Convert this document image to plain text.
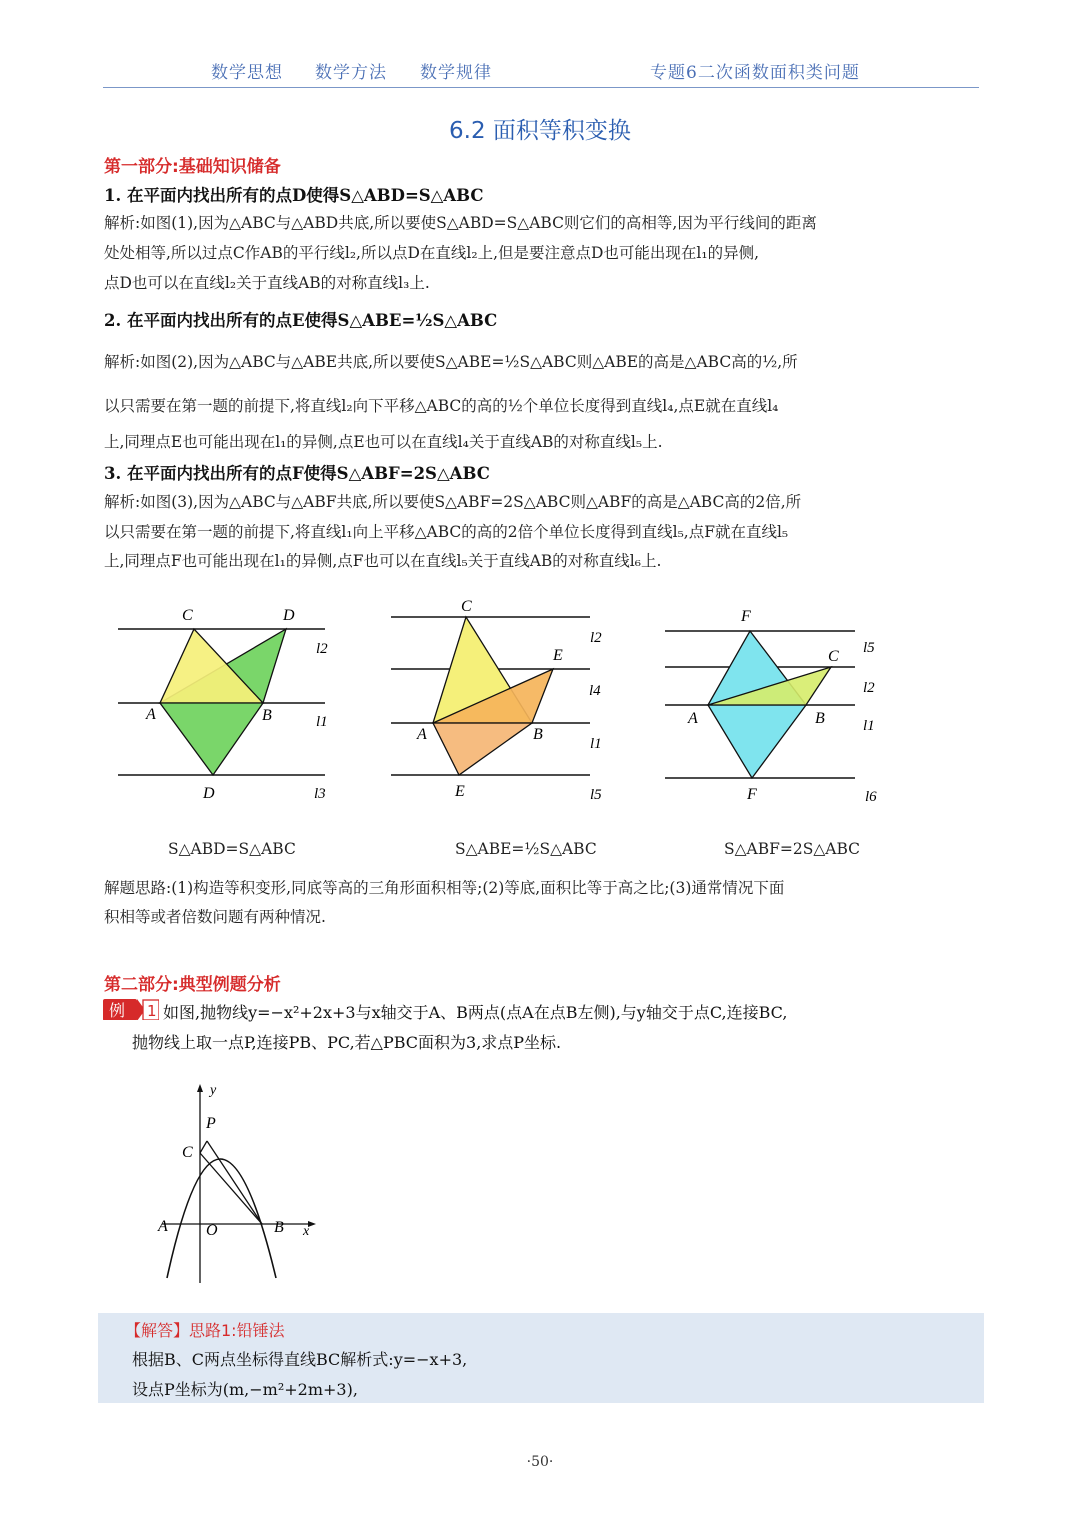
数学思想 数学方法 数学规律	专题6二次函数面积类问题
6.2 面积等积变换
第一部分:基础知识储备
1. 在平面内找出所有的点D使得S△ABD=S△ABC
解析:如图(1),因为△ABC与△ABD共底,所以要使S△ABD=S△ABC则它们的高相等,因为平行线间的距离
处处相等,所以过点C作AB的平行线l₂,所以点D在直线l₂上,但是要注意点D也可能出现在l₁的异侧,
点D也可以在直线l₂关于直线AB的对称直线l₃上.
2. 在平面内找出所有的点E使得S△ABE=½S△ABC
解析:如图(2),因为△ABC与△ABE共底,所以要使S△ABE=½S△ABC则△ABE的高是△ABC高的½,所
以只需要在第一题的前提下,将直线l₂向下平移△ABC的高的½个单位长度得到直线l₄,点E就在直线l₄
上,同理点E也可能出现在l₁的异侧,点E也可以在直线l₄关于直线AB的对称直线l₅上.
3. 在平面内找出所有的点F使得S△ABF=2S△ABC
解析:如图(3),因为△ABC与△ABF共底,所以要使S△ABF=2S△ABC则△ABF的高是△ABC高的2倍,所
以只需要在第一题的前提下,将直线l₁向上平移△ABC的高的2倍个单位长度得到直线l₅,点F就在直线l₅
上,同理点F也可能出现在l₁的异侧,点F也可以在直线l₅关于直线AB的对称直线l₆上.
C	D
l2
A	B	l1
D	l3
C
l2
E
l4
A	B
l1
E	l5
F
l5
C
l2
A	B	l1
F	l6
S△ABD=S△ABC	S△ABE=½S△ABC	S△ABF=2S△ABC
解题思路:(1)构造等积变形,同底等高的三角形面积相等;(2)等底,面积比等于高之比;(3)通常情况下面
积相等或者倍数问题有两种情况.
第二部分:典型例题分析
例 1 如图,抛物线y=−x²+2x+3与x轴交于A、B两点(点A在点B左侧),与y轴交于点C,连接BC,
抛物线上取一点P,连接PB、PC,若△PBC面积为3,求点P坐标.
y
P
C
A O	B x
【解答】思路1:铅锤法
根据B、C两点坐标得直线BC解析式:y=−x+3,
设点P坐标为(m,−m²+2m+3),
·50·
